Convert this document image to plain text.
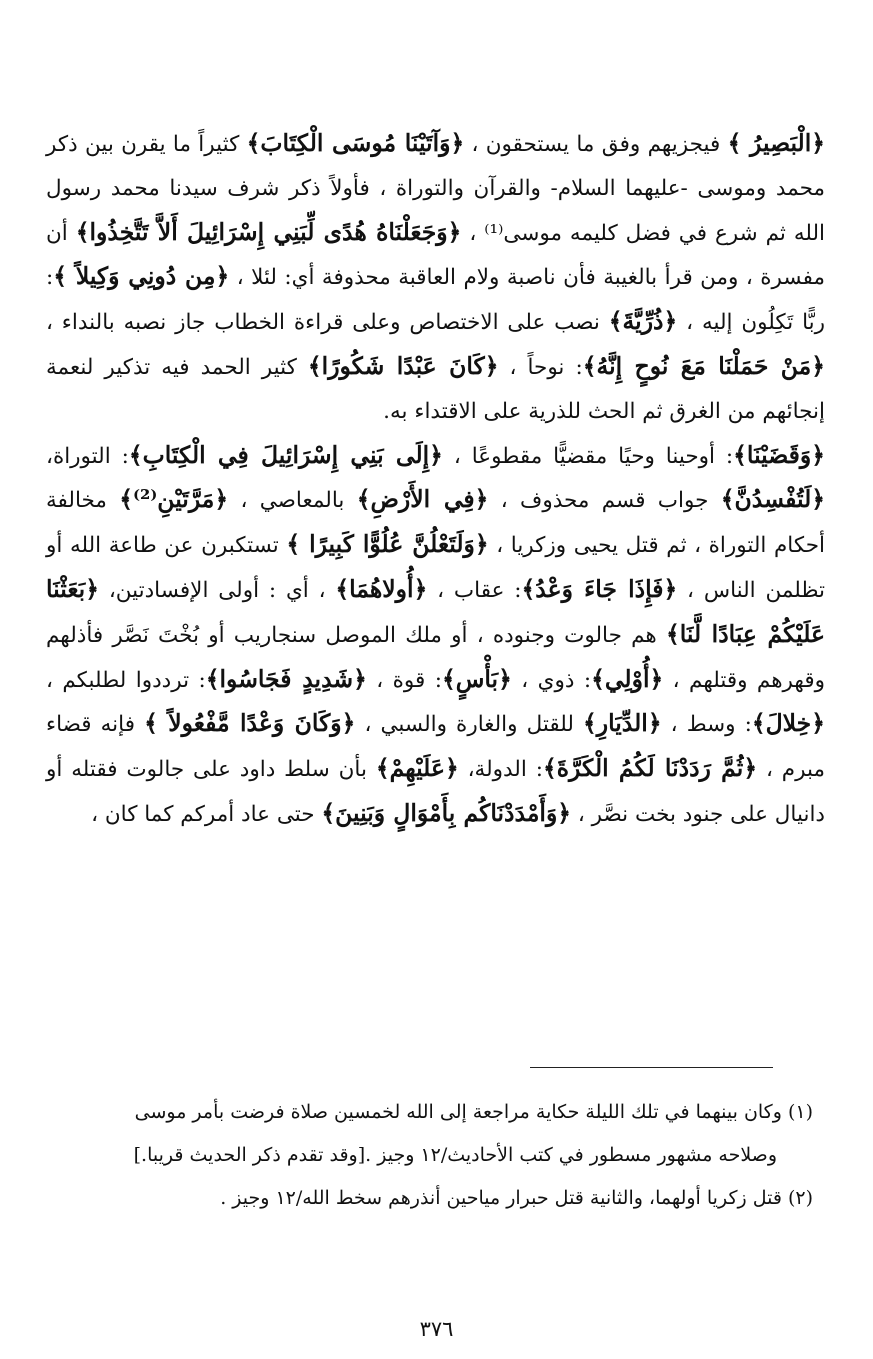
﴿الْبَصِيرُ ﴾ فيجزيهم وفق ما يستحقون ، ﴿وَآتَيْنَا مُوسَى الْكِتَابَ﴾ كثيراً ما يقرن بين ذكر محمد وموسى -عليهما السلام- والقرآن والتوراة ، فأولاً ذكر شرف سيدنا محمد رسول الله ثم شرع في فضل كليمه موسى⁽¹⁾ ، ﴿وَجَعَلْنَاهُ هُدًى لِّبَنِي إِسْرَائِيلَ أَلاَّ تَتَّخِذُوا﴾ أن مفسرة ، ومن قرأ بالغيبة فأن ناصبة ولام العاقبة محذوفة أي: لئلا ، ﴿مِن دُونِي وَكِيلاً ﴾: ربًّا تَكِلُون إليه ، ﴿ذُرِّيَّةَ﴾ نصب على الاختصاص وعلى قراءة الخطاب جاز نصبه بالنداء ، ﴿مَنْ حَمَلْنَا مَعَ نُوحٍ إِنَّهُ﴾: نوحاً ، ﴿كَانَ عَبْدًا شَكُورًا﴾ كثير الحمد فيه تذكير لنعمة إنجائهم من الغرق ثم الحث للذرية على الاقتداء به.

﴿وَقَضَيْنَا﴾: أوحينا وحيًا مقضيًّا مقطوعًا ، ﴿إِلَى بَنِي إِسْرَائِيلَ فِي الْكِتَابِ﴾: التوراة، ﴿لَتُفْسِدُنَّ﴾ جواب قسم محذوف ، ﴿فِي الأَرْضِ﴾ بالمعاصي ، ﴿مَرَّتَيْنِ⁽²⁾﴾ مخالفة أحكام التوراة ، ثم قتل يحيى وزكريا ، ﴿وَلَتَعْلُنَّ عُلُوًّا كَبِيرًا ﴾ تستكبرن عن طاعة الله أو تظلمن الناس ، ﴿فَإِذَا جَاءَ وَعْدُ﴾: عقاب ، ﴿أُولاهُمَا﴾ ، أي : أولى الإفسادتين، ﴿بَعَثْنَا عَلَيْكُمْ عِبَادًا لَّنَا﴾ هم جالوت وجنوده ، أو ملك الموصل سنجاريب أو بُخْتَ نَصَّر فأذلهم وقهرهم وقتلهم ، ﴿أُوْلِي﴾: ذوي ، ﴿بَأْسٍ﴾: قوة ، ﴿شَدِيدٍ فَجَاسُوا﴾: ترددوا لطلبكم ، ﴿خِلالَ﴾: وسط ، ﴿الدِّيَارِ﴾ للقتل والغارة والسبي ، ﴿وَكَانَ وَعْدًا مَّفْعُولاً ﴾ فإنه قضاء مبرم ، ﴿ثُمَّ رَدَدْنَا لَكُمُ الْكَرَّةَ﴾: الدولة، ﴿عَلَيْهِمْ﴾ بأن سلط داود على جالوت فقتله أو دانيال على جنود بخت نصَّر ، ﴿وَأَمْدَدْنَاكُم بِأَمْوَالٍ وَبَنِينَ﴾ حتى عاد أمركم كما كان ،

(١) وكان بينهما في تلك الليلة حكاية مراجعة إلى الله لخمسين صلاة فرضت بأمر موسى

وصلاحه مشهور مسطور في كتب الأحاديث/١٢ وجيز .[وقد تقدم ذكر الحديث قريبا.]

(٢) قتل زكريا أولهما، والثانية قتل حبرار مياحين أنذرهم سخط الله/١٢ وجيز .

٣٧٦
